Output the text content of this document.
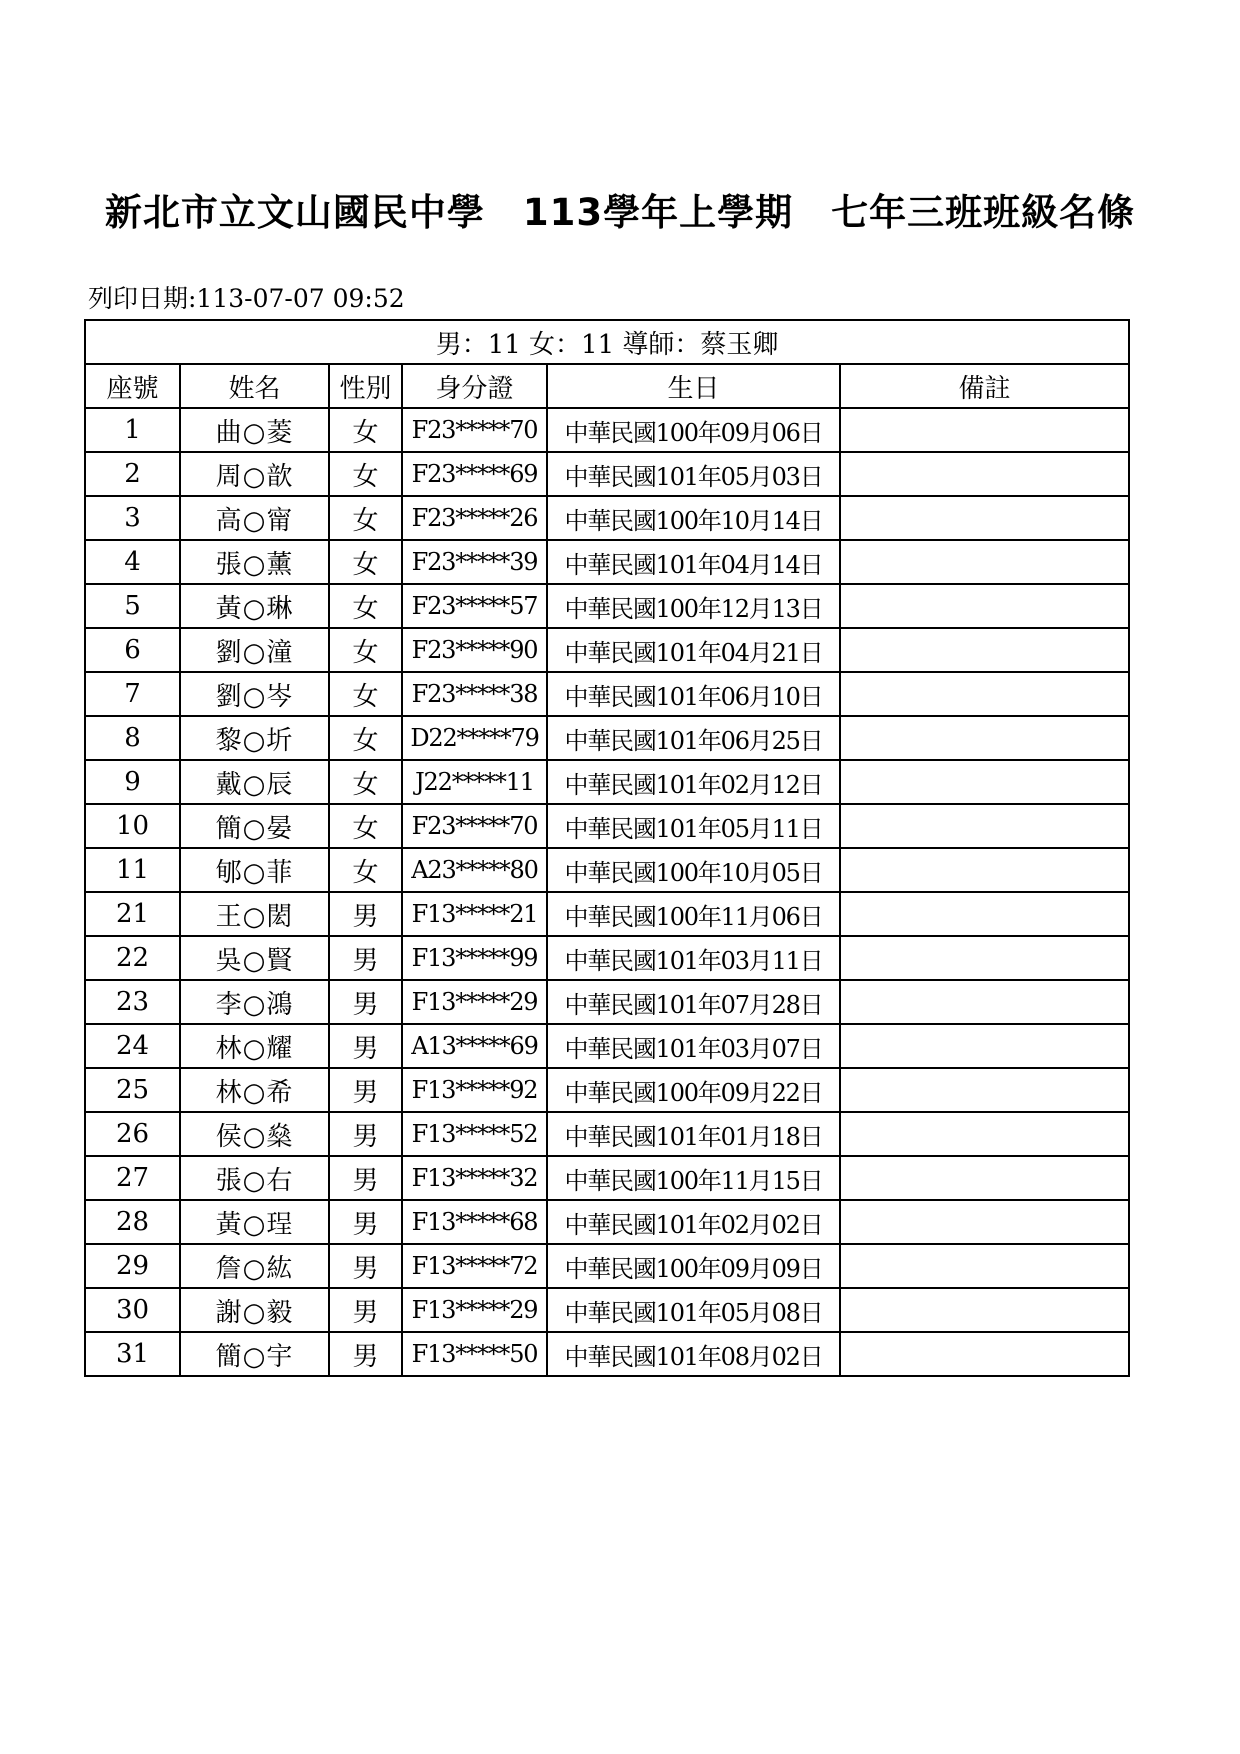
新北市立文山國民中學　113學年上學期　七年三班班級名條
列印日期:113-07-07 09:52
男：11 女：11 導師：蔡玉卿					
座號	姓名	性別	身分證	生日	備註
1	曲○菱	女	F23*****70	中華民國100年09月06日	
2	周○歆	女	F23*****69	中華民國101年05月03日	
3	高○甯	女	F23*****26	中華民國100年10月14日	
4	張○薰	女	F23*****39	中華民國101年04月14日	
5	黃○琳	女	F23*****57	中華民國100年12月13日	
6	劉○潼	女	F23*****90	中華民國101年04月21日	
7	劉○岑	女	F23*****38	中華民國101年06月10日	
8	黎○圻	女	D22*****79	中華民國101年06月25日	
9	戴○辰	女	J22*****11	中華民國101年02月12日	
10	簡○晏	女	F23*****70	中華民國101年05月11日	
11	郇○菲	女	A23*****80	中華民國100年10月05日	
21	王○閎	男	F13*****21	中華民國100年11月06日	
22	吳○賢	男	F13*****99	中華民國101年03月11日	
23	李○鴻	男	F13*****29	中華民國101年07月28日	
24	林○耀	男	A13*****69	中華民國101年03月07日	
25	林○希	男	F13*****92	中華民國100年09月22日	
26	侯○燊	男	F13*****52	中華民國101年01月18日	
27	張○右	男	F13*****32	中華民國100年11月15日	
28	黃○珵	男	F13*****68	中華民國101年02月02日	
29	詹○紘	男	F13*****72	中華民國100年09月09日	
30	謝○毅	男	F13*****29	中華民國101年05月08日	
31	簡○宇	男	F13*****50	中華民國101年08月02日	
